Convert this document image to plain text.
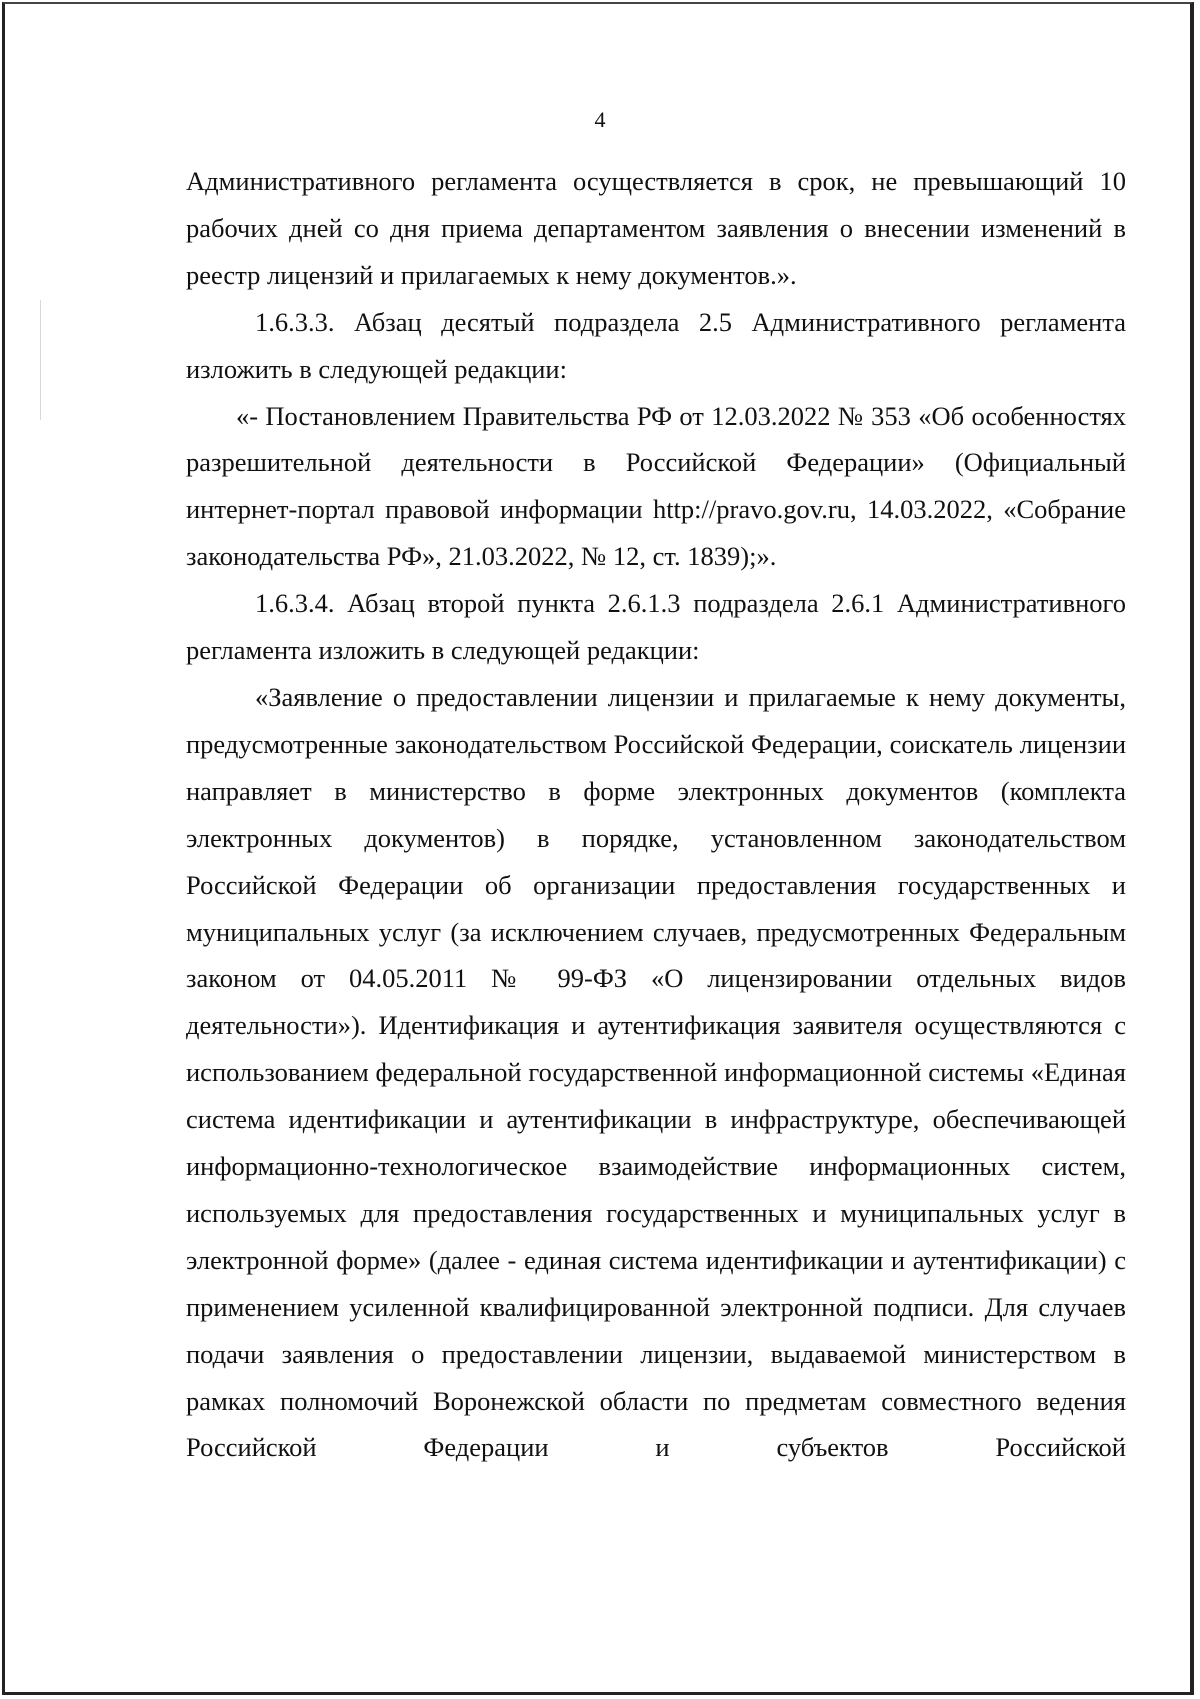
4

Административного регламента осуществляется в срок, не превышающий 10 рабочих дней со дня приема департаментом заявления о внесении изменений в реестр лицензий и прилагаемых к нему документов.».

1.6.3.3. Абзац десятый подраздела 2.5 Административного регламента изложить в следующей редакции:

«- Постановлением Правительства РФ от 12.03.2022 № 353 «Об особенностях разрешительной деятельности в Российской Федерации» (Официальный интернет-портал правовой информации http://pravo.gov.ru, 14.03.2022, «Собрание законодательства РФ», 21.03.2022, № 12, ст. 1839);».

1.6.3.4. Абзац второй пункта 2.6.1.3 подраздела 2.6.1 Административного регламента изложить в следующей редакции:

«Заявление о предоставлении лицензии и прилагаемые к нему документы, предусмотренные законодательством Российской Федерации, соискатель лицензии направляет в министерство в форме электронных документов (комплекта электронных документов) в порядке, установленном законодательством Российской Федерации об организации предоставления государственных и муниципальных услуг (за исключением случаев, предусмотренных Федеральным законом от 04.05.2011 № 99-ФЗ «О лицензировании отдельных видов деятельности»). Идентификация и аутентификация заявителя осуществляются с использованием федеральной государственной информационной системы «Единая система идентификации и аутентификации в инфраструктуре, обеспечивающей информационно-технологическое взаимодействие информационных систем, используемых для предоставления государственных и муниципальных услуг в электронной форме» (далее - единая система идентификации и аутентификации) с применением усиленной квалифицированной электронной подписи. Для случаев подачи заявления о предоставлении лицензии, выдаваемой министерством в рамках полномочий Воронежской области по предметам совместного ведения Российской Федерации и субъектов Российской
